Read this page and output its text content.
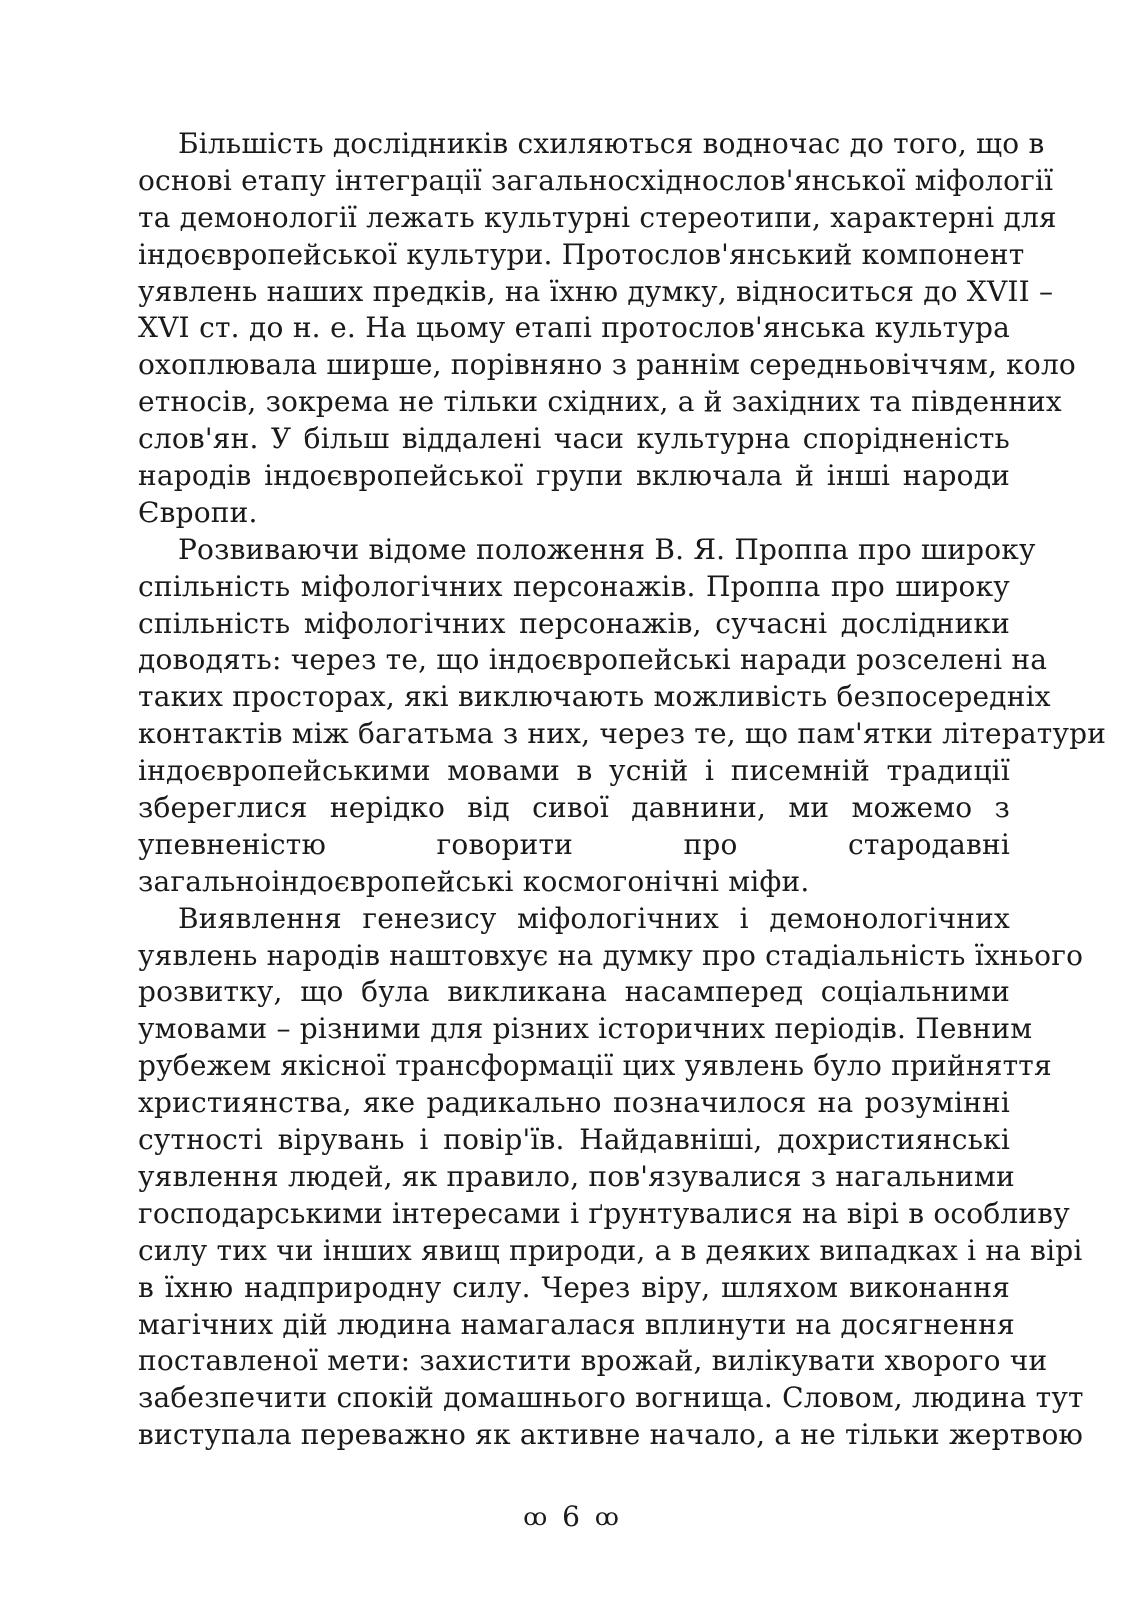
Більшість дослідників схиляються водночас до того, що в
основі етапу інтеграції загальносхіднослов'янської міфології
та демонології лежать культурні стереотипи, характерні для
індоєвропейської культури. Протослов'янський компонент
уявлень наших предків, на їхню думку, відноситься до XVII –
XVI ст. до н. е. На цьому етапі протослов'янська культура
охоплювала ширше, порівняно з раннім середньовіччям, коло
етносів, зокрема не тільки східних, а й західних та південних
слов'ян. У більш віддалені часи культурна спорідненість
народів індоєвропейської групи включала й інші народи
Європи.
Розвиваючи відоме положення В. Я. Проппа про широку
спільність міфологічних персонажів. Проппа про широку
спільність міфологічних персонажів, сучасні дослідники
доводять: через те, що індоєвропейські наради розселені на
таких просторах, які виключають можливість безпосередніх
контактів між багатьма з них, через те, що пам'ятки літератури
індоєвропейськими мовами в усній і писемній традиції
збереглися нерідко від сивої давнини, ми можемо з
упевненістю говорити про стародавні
загальноіндоєвропейські космогонічні міфи.
Виявлення генезису міфологічних і демонологічних
уявлень народів наштовхує на думку про стадіальність їхнього
розвитку, що була викликана насамперед соціальними
умовами – різними для різних історичних періодів. Певним
рубежем якісної трансформації цих уявлень було прийняття
християнства, яке радикально позначилося на розумінні
сутності вірувань і повір'їв. Найдавніші, дохристиянські
уявлення людей, як правило, пов'язувалися з нагальними
господарськими інтересами і ґрунтувалися на вірі в особливу
силу тих чи інших явищ природи, а в деяких випадках і на вірі
в їхню надприродну силу. Через віру, шляхом виконання
магічних дій людина намагалася вплинути на досягнення
поставленої мети: захистити врожай, вилікувати хворого чи
забезпечити спокій домашнього вогнища. Словом, людина тут
виступала переважно як активне начало, а не тільки жертвою
ꝏ 6 ꝏ
